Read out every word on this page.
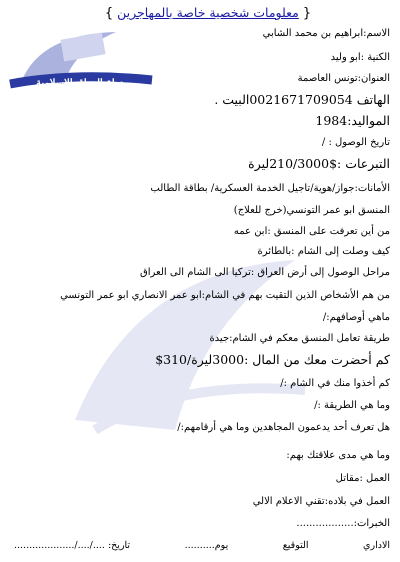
دولة العراق الإسلامية
{ معلومات شخصية خاصة بالمهاجرين }
الاسم:ابراهيم بن محمد الشابي
الكنية :ابو وليد
العنوان:تونس العاصمة
الهاتف 0021671709054البيت .
المواليد:1984
تاريخ الوصول : /
التبرعات :$210/3000ليرة
الأمانات:جواز/هوية/تاجيل الخدمة العسكرية/ بطاقة الطالب
المنسق ابو عمر التونسي(خرج للعلاج)
من أين تعرفت على المنسق :ابن عمه
كيف وصلت إلى الشام :بالطائرة
مراحل الوصول إلى أرض العراق :تركيا الى الشام الى العراق
من هم الأشخاص الذين التقيت بهم في الشام:ابو عمر الانصاري ابو عمر التونسي
ماهي أوصافهم:/
طريقة تعامل المنسق معكم في الشام:جيدة
كم أحضرت معك من المال :3000ليرة/310$
كم أخذوا منك في الشام :/
وما هي الطريقة :/
هل تعرف أحد يدعمون المجاهدين وما هي أرقامهم:/
وما هي مدى علاقتك بهم:
العمل :مقاتل
العمل في بلاده:تقني الاعلام الالي
الخبرات:..................
الاداري
التوقيع
يوم..........
تاريخ: ..../..../....................
